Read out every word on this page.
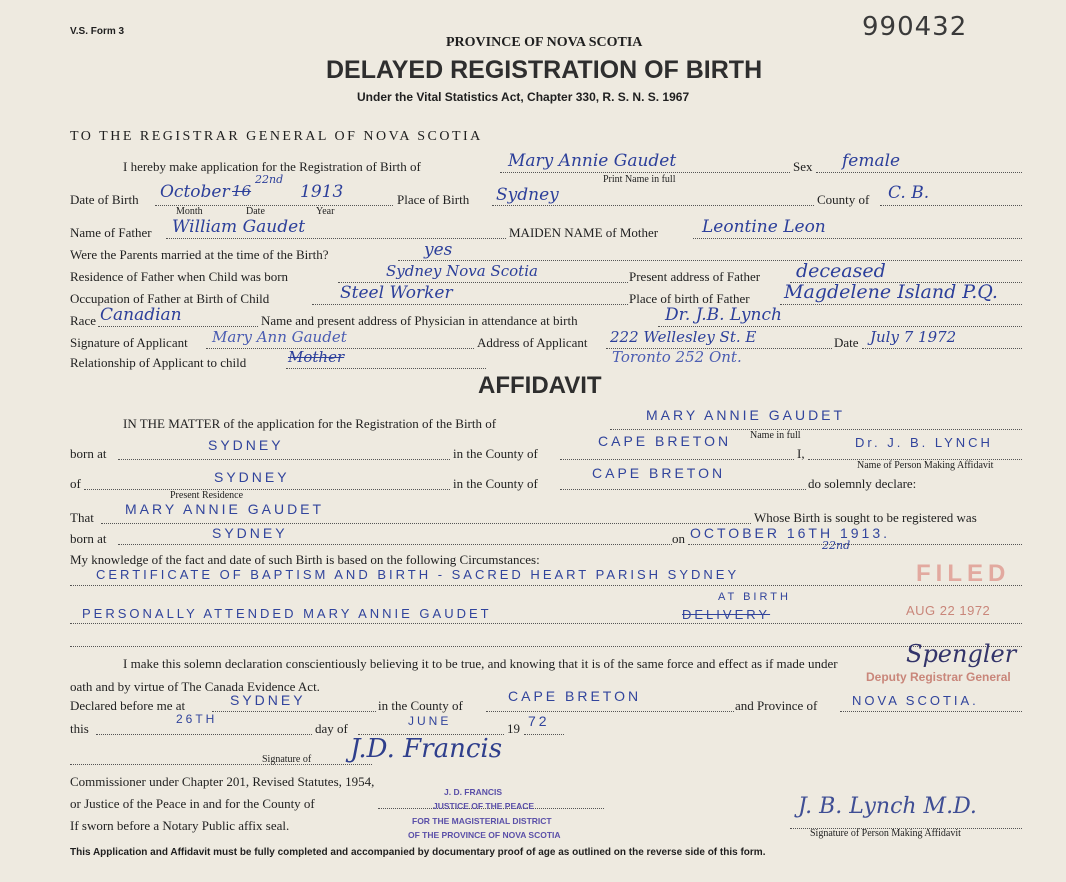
V.S. Form 3	990432
PROVINCE OF NOVA SCOTIA
DELAYED REGISTRATION OF BIRTH
Under the Vital Statistics Act, Chapter 330, R. S. N. S. 1967
TO THE REGISTRAR GENERAL OF NOVA SCOTIA
I hereby make application for the Registration of Birth of	Mary Annie Gaudet
Print Name in full
Sex female
Date of Birth October 16
22nd
1913
Month	Date	Year
Place of Birth Sydney	County of C. B.
Name of Father William Gaudet	MAIDEN NAME of Mother	Leontine Leon
Were the Parents married at the time of the Birth?	yes
Residence of Father when Child was born	Sydney Nova Scotia	Present address of Father deceased
Occupation of Father at Birth of Child	Steel Worker	Place of birth of Father Magdelene Island P.Q.
Race Canadian	Name and present address of Physician in attendance at birth	Dr. J.B. Lynch
Signature of Applicant Mary Ann Gaudet	Address of Applicant 222 Wellesley St. E	Date July 7 1972
Relationship of Applicant to child	Mother	Toronto 252 Ont.
AFFIDAVIT
IN THE MATTER of the application for the Registration of the Birth of
MARY ANNIE GAUDET
Name in full
born at
SYDNEY
in the County of
CAPE BRETON
I,
Dr. J. B. LYNCH
Name of Person Making Affidavit
of	SYDNEY
Present Residence
in the County of
CAPE BRETON
do solemnly declare:
That
MARY ANNIE GAUDET
Whose Birth is sought to be registered was
born at	SYDNEY	on OCTOBER 16TH 1913.
22nd
My knowledge of the fact and date of such Birth is based on the following Circumstances:
CERTIFICATE OF BAPTISM AND BIRTH - SACRED HEART PARISH SYDNEY
PERSONALLY ATTENDED MARY ANNIE GAUDET	DELIVERY
AT BIRTH
I make this solemn declaration conscientiously believing it to be true, and knowing that it is of the same force and effect as if made under
oath and by virtue of The Canada Evidence Act.
Declared before me at	SYDNEY	in the County of
CAPE BRETON
and Province of	NOVA SCOTIA.
this
26TH
day of	JUNE	19 72
Signature of J.D. Francis
Commissioner under Chapter 201, Revised Statutes, 1954,
or Justice of the Peace in and for the County of
If sworn before a Notary Public affix seal.
J. D. FRANCIS
JUSTICE OF THE PEACE
FOR THE MAGISTERIAL DISTRICT
OF THE PROVINCE OF NOVA SCOTIA
J. B. Lynch M.D.
Signature of Person Making Affidavit
FILED
AUG 22 1972
Spengler
Deputy Registrar General
This Application and Affidavit must be fully completed and accompanied by documentary proof of age as outlined on the reverse side of this form.
